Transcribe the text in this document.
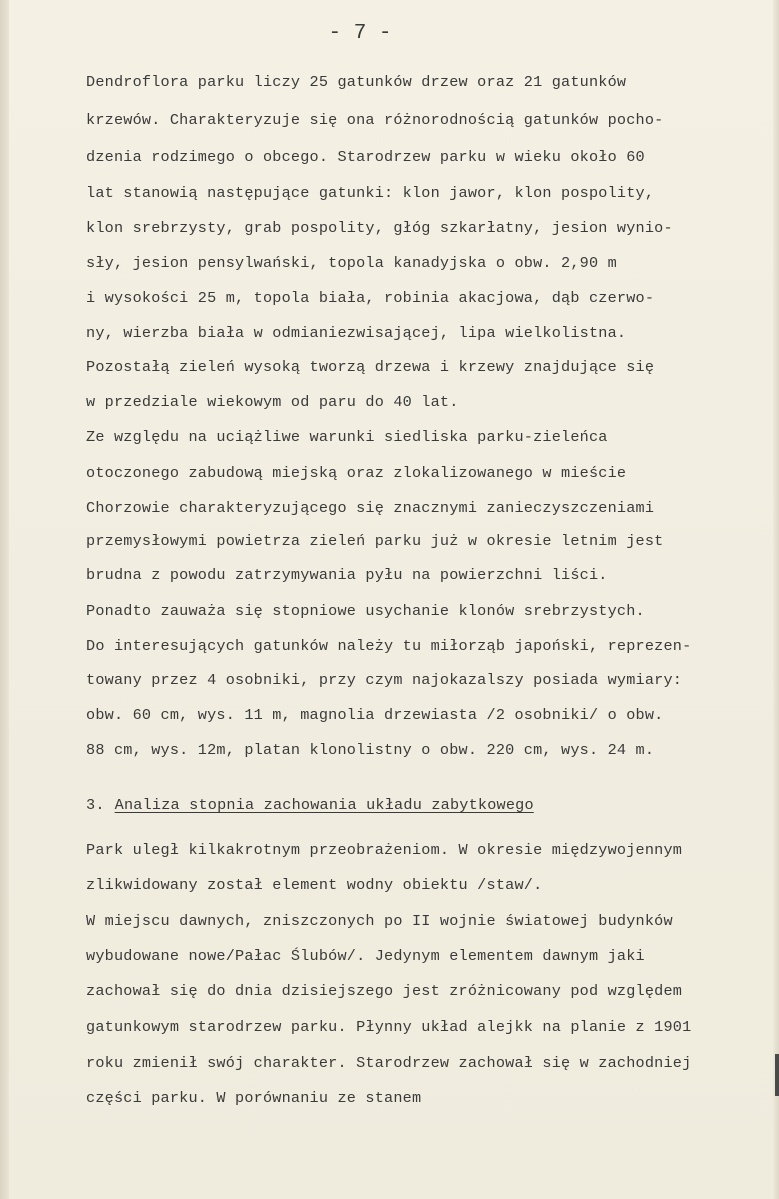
- 7 -
Dendroflora parku liczy 25 gatunków drzew oraz 21 gatunków
krzewów. Charakteryzuje się ona różnorodnością gatunków pocho-
dzenia rodzimego o obcego. Starodrzew parku w wieku około 60
lat stanowią następujące gatunki: klon jawor, klon pospolity,
klon srebrzysty, grab pospolity, głóg szkarłatny, jesion wynio-
sły, jesion pensylwański, topola kanadyjska o obw. 2,90 m
i wysokości 25 m, topola biała, robinia akacjowa, dąb czerwo-
ny, wierzba biała w odmianiezwisającej, lipa wielkolistna.
Pozostałą zieleń wysoką tworzą drzewa i krzewy znajdujące się
w przedziale wiekowym od paru do 40 lat.
Ze względu na uciążliwe warunki siedliska parku-zieleńca
otoczonego zabudową miejską oraz zlokalizowanego w mieście
Chorzowie charakteryzującego się znacznymi zanieczyszczeniami
przemysłowymi powietrza zieleń parku już w okresie letnim jest
brudna z powodu zatrzymywania pyłu na powierzchni liści.
Ponadto zauważa się stopniowe usychanie klonów srebrzystych.
Do interesujących gatunków należy tu miłorząb japoński, reprezen-
towany przez 4 osobniki, przy czym najokazalszy posiada wymiary:
obw. 60 cm, wys. 11 m, magnolia drzewiasta /2 osobniki/ o obw.
88 cm, wys. 12m, platan klonolistny o obw. 220 cm, wys. 24 m.
3. Analiza stopnia zachowania układu zabytkowego
Park uległ kilkakrotnym przeobrażeniom. W okresie międzywojennym
zlikwidowany został element wodny obiektu /staw/.
W miejscu dawnych, zniszczonych po II wojnie światowej budynków
wybudowane nowe/Pałac Ślubów/. Jedynym elementem dawnym jaki
zachował się do dnia dzisiejszego jest zróżnicowany pod względem
gatunkowym starodrzew parku. Płynny układ alejkk na planie z 1901
roku zmienił swój charakter. Starodrzew zachował się w zachodniej
części parku. W porównaniu ze stanem
